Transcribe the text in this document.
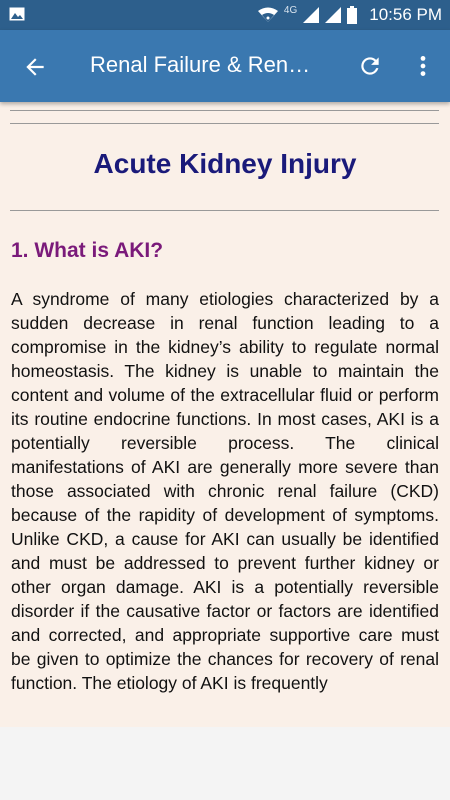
4G	10:56 PM
Renal Failure & Ren…
Acute Kidney Injury
1. What is AKI?

A syndrome of many etiologies characterized by a sudden decrease in renal function leading to a compromise in the kidney’s ability to regulate normal homeostasis. The kidney is unable to maintain the content and volume of the extracellular fluid or perform its routine endocrine functions. In most cases, AKI is a potentially reversible process. The clinical manifestations of AKI are generally more severe than those associated with chronic renal failure (CKD) because of the rapidity of development of symptoms. Unlike CKD, a cause for AKI can usually be identified and must be addressed to prevent further kidney or other organ damage. AKI is a potentially reversible disorder if the causative factor or factors are identified and corrected, and appropriate supportive care must be given to optimize the chances for recovery of renal function. The etiology of AKI is frequently
